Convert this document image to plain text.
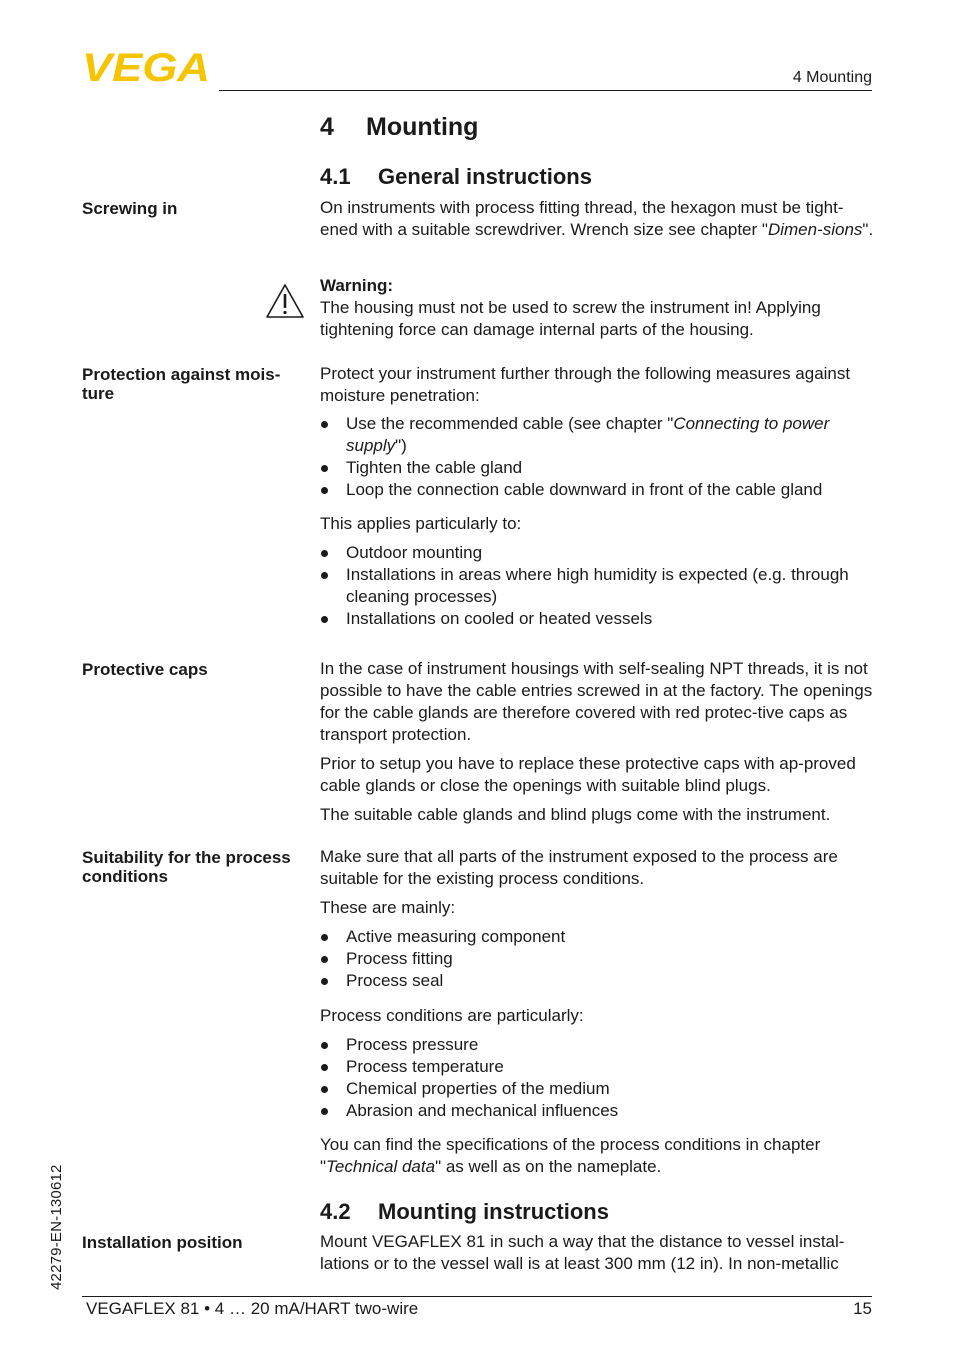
VEGA	4 Mounting
4 Mounting
4.1 General instructions
Screwing in	On instruments with process fitting thread, the hexagon must be tight-ened with a suitable screwdriver. Wrench size see chapter "Dimen-sions".

Warning:

The housing must not be used to screw the instrument in! Applying tightening force can damage internal parts of the housing.

Protection against mois-ture

Protect your instrument further through the following measures against moisture penetration:

Use the recommended cable (see chapter "Connecting to power supply")
Tighten the cable gland
Loop the connection cable downward in front of the cable gland

This applies particularly to:

Outdoor mounting
Installations in areas where high humidity is expected (e.g. through cleaning processes)
Installations on cooled or heated vessels
Protective caps	In the case of instrument housings with self-sealing NPT threads, it is not possible to have the cable entries screwed in at the factory. The openings for the cable glands are therefore covered with red protec-tive caps as transport protection.

Prior to setup you have to replace these protective caps with ap-proved cable glands or close the openings with suitable blind plugs.

The suitable cable glands and blind plugs come with the instrument.

Suitability for the process conditions

Make sure that all parts of the instrument exposed to the process are suitable for the existing process conditions.

These are mainly:

Active measuring component
Process fitting
Process seal

Process conditions are particularly:

Process pressure
Process temperature
Chemical properties of the medium
Abrasion and mechanical influences

You can find the specifications of the process conditions in chapter "Technical data" as well as on the nameplate.

4.2 Mounting instructions
Installation position	Mount VEGAFLEX 81 in such a way that the distance to vessel instal-lations or to the vessel wall is at least 300 mm (12 in). In non-metallic
42279-EN-130612
VEGAFLEX 81 • 4 … 20 mA/HART two-wire	15
